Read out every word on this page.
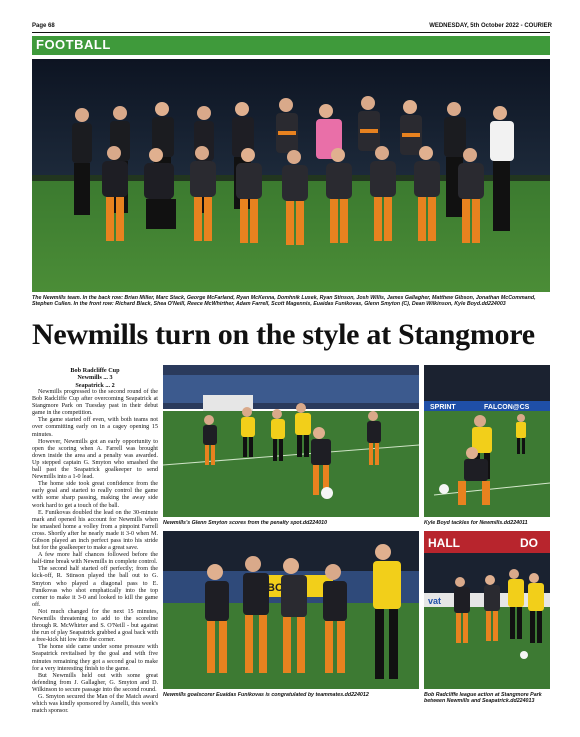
Page 68	WEDNESDAY, 5th October 2022 - COURIER
FOOTBALL
The Newmills team. In the back row: Brian Miller, Marc Stack, George McFarland, Ryan McKenna, Domhnik Lusek, Ryan Stinson, Josh Willis, James Gallagher, Matthew Gibson, Jonathan McCommand, Stephen Cullen. In the front row: Richard Black, Shea O'Neill, Reece McWhirther, Adam Farrell, Scott Magennis, Euaidas Funikovas, Glenn Smyton (C), Dean Wilkinson, Kyle Boyd.dd224003
Newmills turn on the style at Stangmore
Bob Radcliffe Cup
Newmills ... 3
Seapatrick ... 2

Newmills progressed to the second round of the Bob Radcliffe Cup after overcoming Seapatrick at Stangmore Park on Tuesday past in their debut game in the competition.

The game started off even, with both teams not over committing early on in a cagey opening 15 minutes.

However, Newmills got an early opportunity to open the scoring when A. Farrell was brought down inside the area and a penalty was awarded. Up stepped captain G. Smyton who smashed the ball past the Seapatrick goalkeeper to send Newmills into a 1-0 lead.

The home side took great confidence from the early goal and started to really control the game with some sharp passing, making the away side work hard to get a touch of the ball.

E. Funikovas doubled the lead on the 30-minute mark and opened his account for Newmills when he smashed home a volley from a pinpoint Farrell cross. Shortly after he nearly made it 3-0 when M. Gibson played an inch perfect pass into his stride but for the goalkeeper to make a great save.

A few more half chances followed before the half-time break with Newmills in complete control.

The second half started off perfectly; from the kick-off, R. Stinson played the ball out to G. Smyton who played a diagonal pass to E. Funikovas who shot emphatically into the top corner to make it 3-0 and looked to kill the game off.

Not much changed for the next 15 minutes, Newmills threatening to add to the scoreline through R. McWhirter and S. O'Neill - but against the run of play Seapatrick grabbed a goal back with a free-kick hit low into the corner.

The home side came under some pressure with Seapatrick revitalised by the goal and with five minutes remaining they got a second goal to make for a very interesting finish to the game.

But Newmills held out with some great defending from J. Gallagher, G. Smyton and D. Wilkinson to secure passage into the second round.

G. Smyton secured the Man of the Match award which was kindly sponsored by Asnelli, this week's match sponsor.

Newmills's Glenn Smyton scores from the penalty spot.dd224010
SPRINT	FALCON@CS
Kyle Boyd tackles for Newmills.dd224011
Newmills goalscorer Euaidas Funikovas is congratulated by teammates.dd224012
HALL	DO
vat
Bob Radcliffe league action at Stangmore Park between Newmills and Seapatrick.dd224013
